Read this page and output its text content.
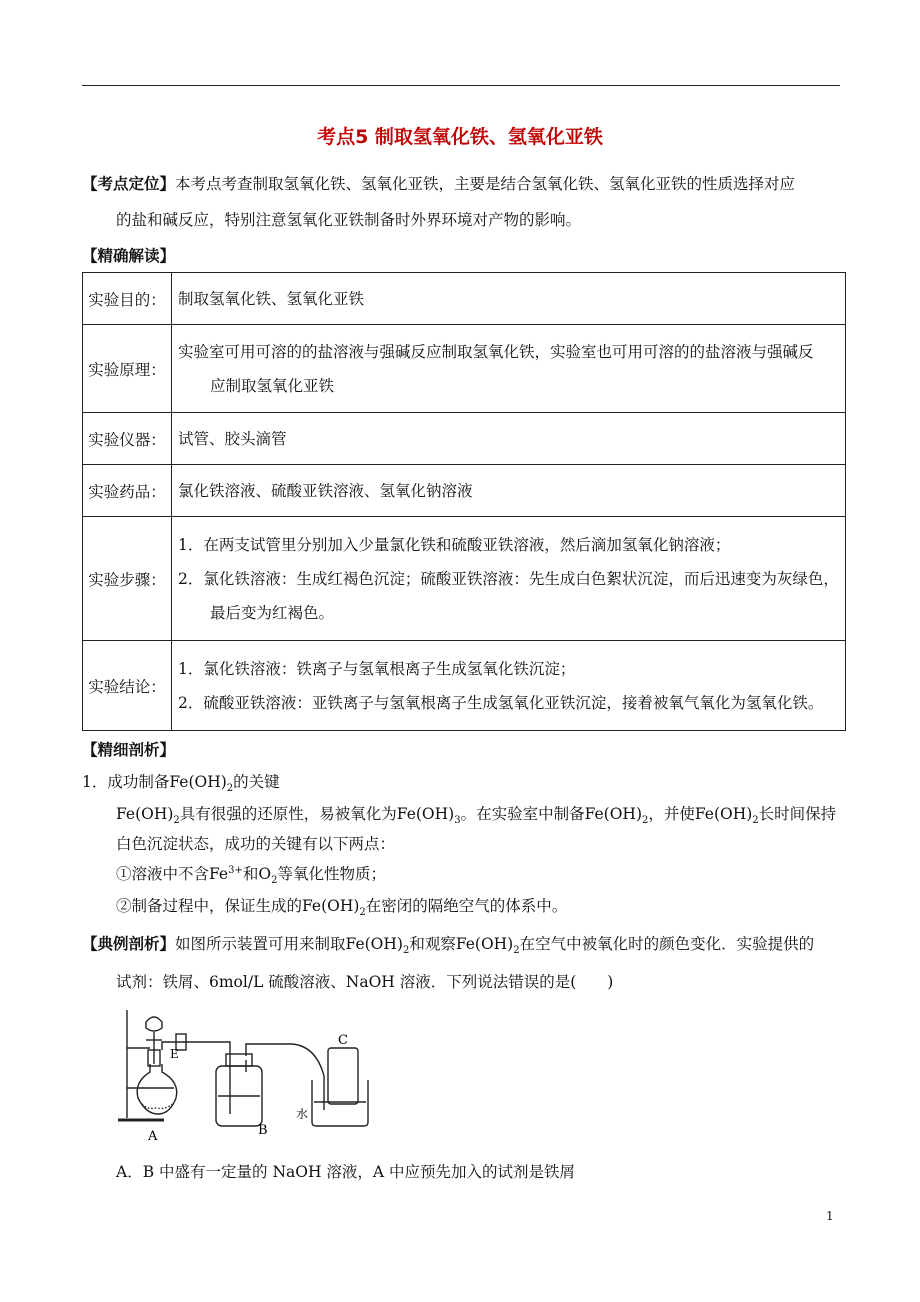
考点5 制取氢氧化铁、氢氧化亚铁
【考点定位】本考点考查制取氢氧化铁、氢氧化亚铁，主要是结合氢氧化铁、氢氧化亚铁的性质选择对应
的盐和碱反应，特别注意氢氧化亚铁制备时外界环境对产物的影响。
【精确解读】
实验目的：	制取氢氧化铁、氢氧化亚铁

实验原理：	实验室可用可溶的的盐溶液与强碱反应制取氢氧化铁，实验室也可用可溶的的盐溶液与强碱反
应制取氢氧化亚铁

实验仪器：	试管、胶头滴管

实验药品：	氯化铁溶液、硫酸亚铁溶液、氢氧化钠溶液

实验步骤：	1．在两支试管里分别加入少量氯化铁和硫酸亚铁溶液，然后滴加氢氧化钠溶液；
2．氯化铁溶液：生成红褐色沉淀；硫酸亚铁溶液：先生成白色絮状沉淀，而后迅速变为灰绿色，
最后变为红褐色。

实验结论：	1．氯化铁溶液：铁离子与氢氧根离子生成氢氧化铁沉淀；
2．硫酸亚铁溶液：亚铁离子与氢氧根离子生成氢氧化亚铁沉淀，接着被氧气氧化为氢氧化铁。
【精细剖析】
1．成功制备$Fe(OH)_2$的关键
$Fe(OH)_2$具有很强的还原性，易被氧化为$Fe(OH)_3$。在实验室中制备$Fe(OH)_2$，并使$Fe(OH)_2$长时间保持
白色沉淀状态，成功的关键有以下两点：
①溶液中不含$Fe^{3+}$和$O_2$等氧化性物质；
②制备过程中，保证生成的$Fe(OH)_2$在密闭的隔绝空气的体系中。
【典例剖析】如图所示装置可用来制取$Fe(OH)_2$和观察$Fe(OH)_2$在空气中被氧化时的颜色变化．实验提供的
试剂：铁屑、6mol/L 硫酸溶液、NaOH 溶液．下列说法错误的是(　　)
A	B
C
E
水
A．B 中盛有一定量的 NaOH 溶液，A 中应预先加入的试剂是铁屑
1
